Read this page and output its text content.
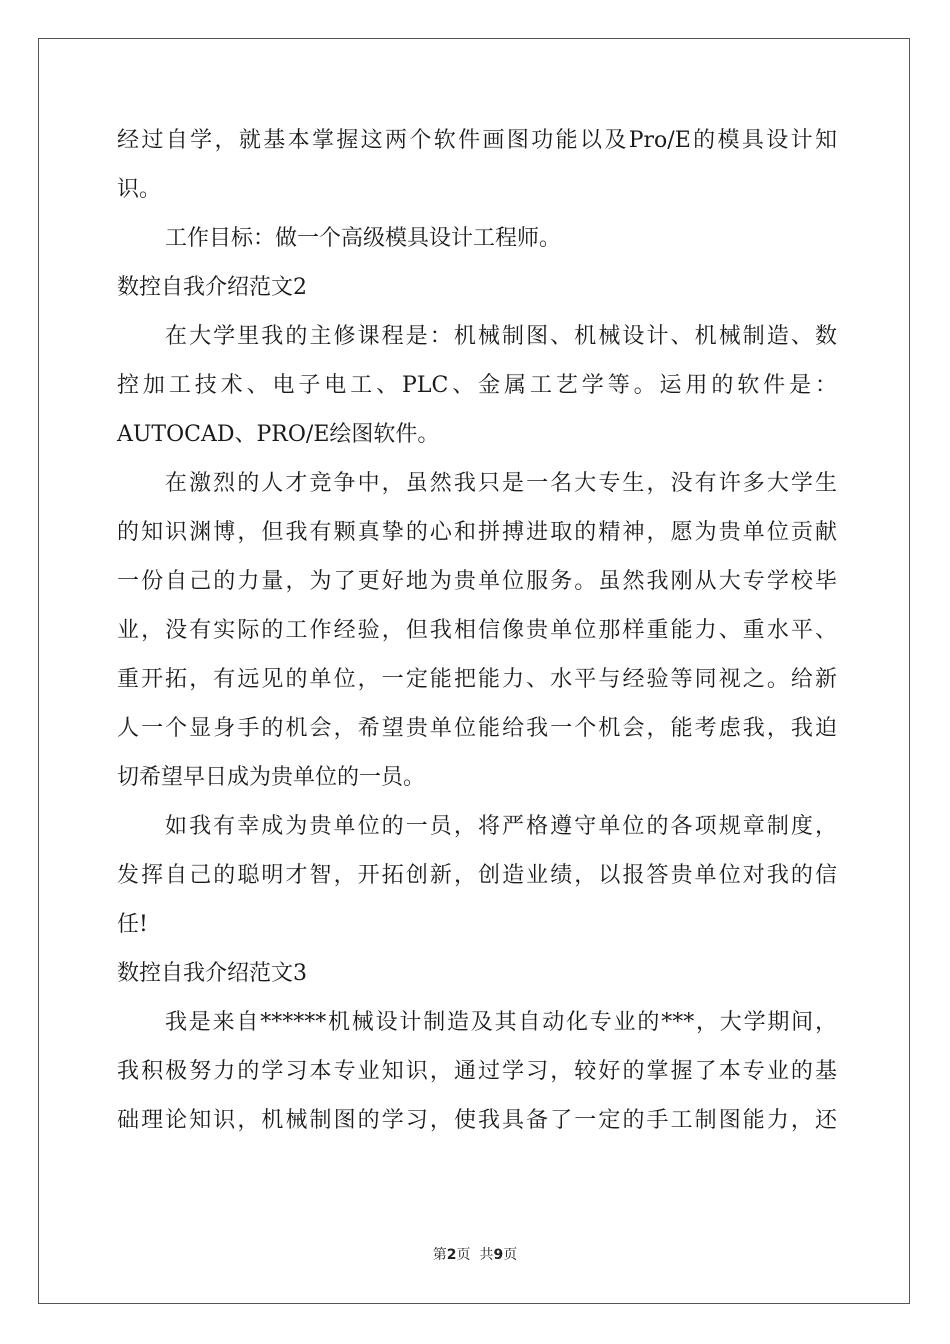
经过自学，就基本掌握这两个软件画图功能以及Pro/E的模具设计知
识。
工作目标：做一个高级模具设计工程师。
数控自我介绍范文2
在大学里我的主修课程是：机械制图、机械设计、机械制造、数
控加工技术、电子电工、PLC、金属工艺学等。运用的软件是：
AUTOCAD、PRO/E绘图软件。
在激烈的人才竞争中，虽然我只是一名大专生，没有许多大学生
的知识渊博，但我有颗真挚的心和拼搏进取的精神，愿为贵单位贡献
一份自己的力量，为了更好地为贵单位服务。虽然我刚从大专学校毕
业，没有实际的工作经验，但我相信像贵单位那样重能力、重水平、
重开拓，有远见的单位，一定能把能力、水平与经验等同视之。给新
人一个显身手的机会，希望贵单位能给我一个机会，能考虑我，我迫
切希望早日成为贵单位的一员。
如我有幸成为贵单位的一员，将严格遵守单位的各项规章制度，
发挥自己的聪明才智，开拓创新，创造业绩，以报答贵单位对我的信
任!
数控自我介绍范文3
我是来自******机械设计制造及其自动化专业的***，大学期间，
我积极努力的学习本专业知识，通过学习，较好的掌握了本专业的基
础理论知识，机械制图的学习，使我具备了一定的手工制图能力，还
第2页  共9页
